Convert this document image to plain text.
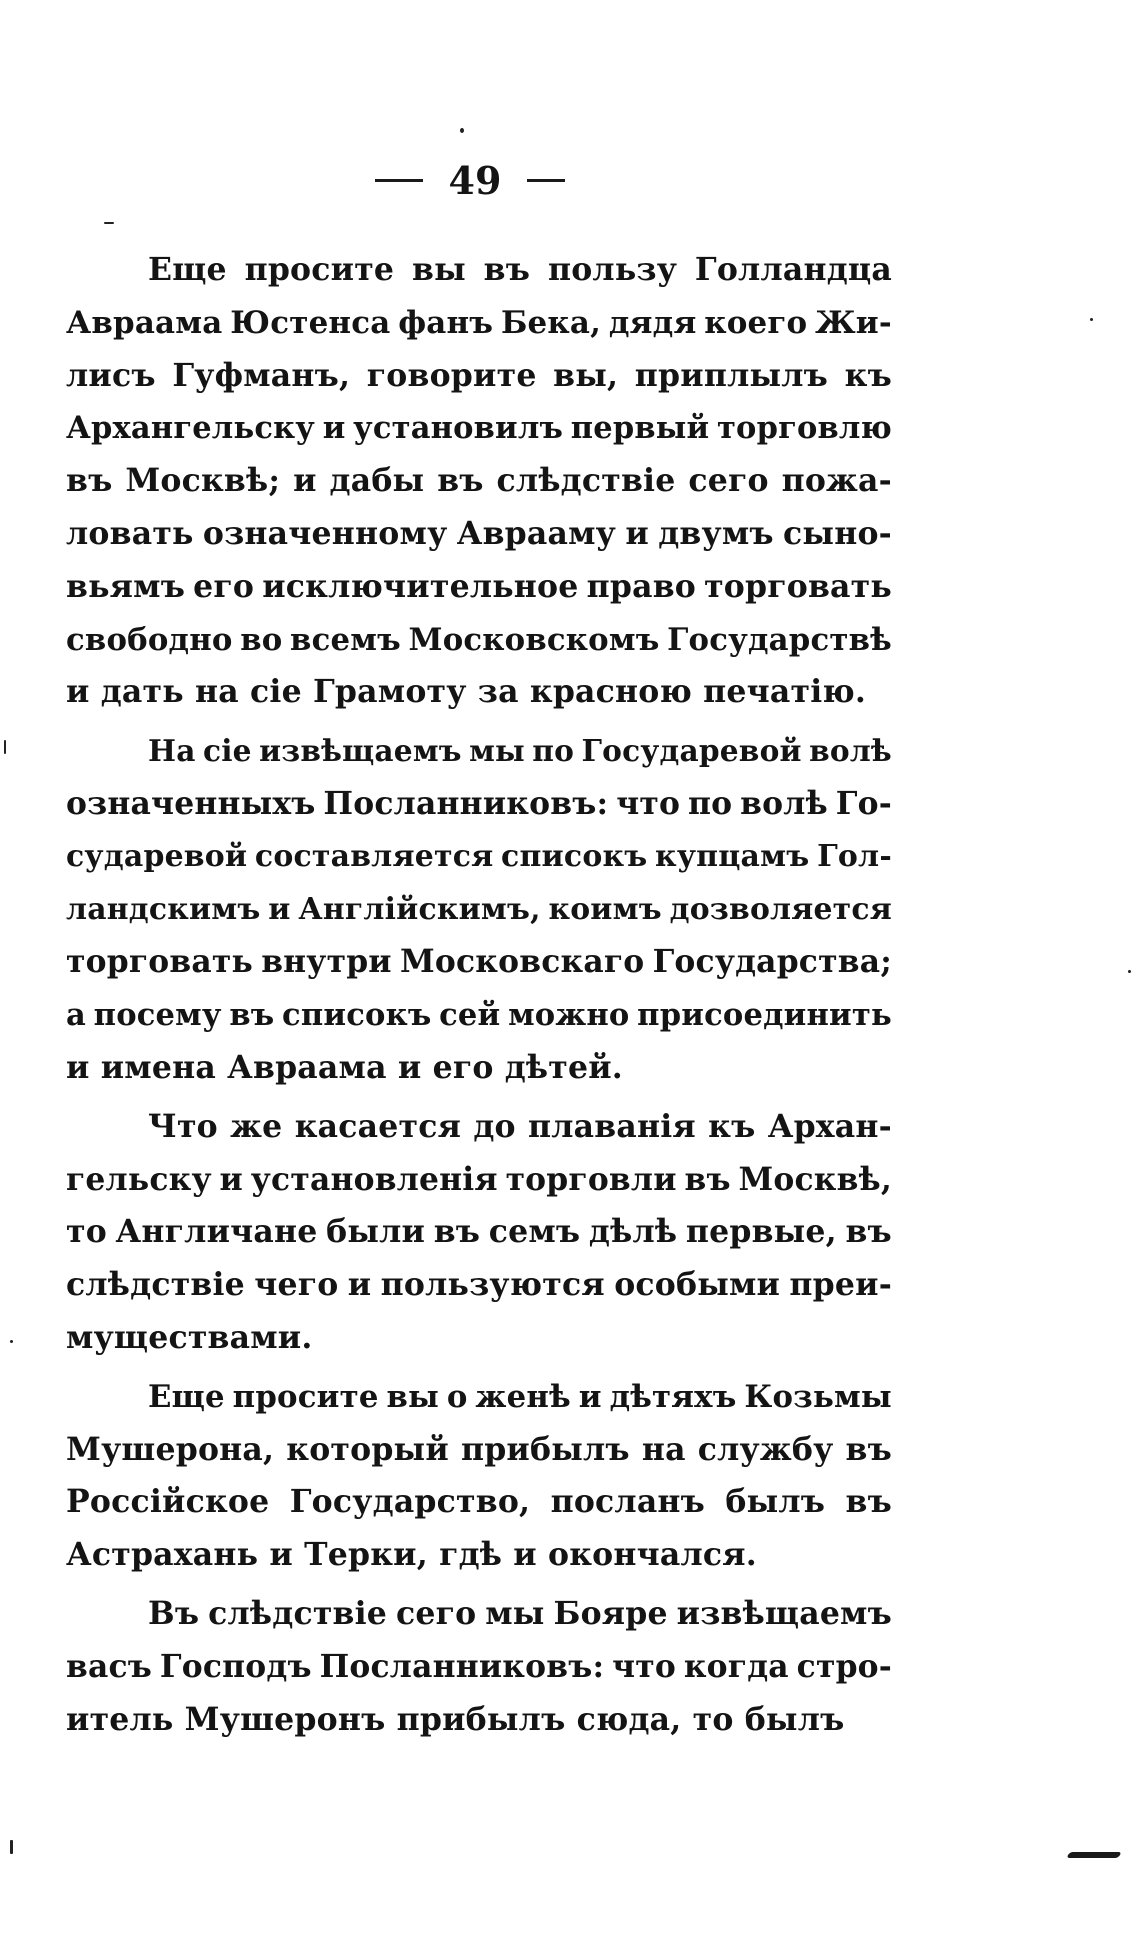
49
Еще просите вы въ пользу Голландца
Авраама Юстенса фанъ Бека, дядя коего Жи-
лисъ Гуфманъ, говорите вы, приплылъ къ
Архангельску и установилъ первый торговлю
въ Москвѣ; и дабы въ слѣдствіе сего пожа-
ловать означенному Аврааму и двумъ сыно-
вьямъ его исключительное право торговать
свободно во всемъ Московскомъ Государствѣ
и дать на сіе Грамоту за красною печатію.
На сіе извѣщаемъ мы по Государевой волѣ
означенныхъ Посланниковъ: что по волѣ Го-
сударевой составляется списокъ купцамъ Гол-
ландскимъ и Англійскимъ, коимъ дозволяется
торговать внутри Московскаго Государства;
а посему въ списокъ сей можно присоединить
и имена Авраама и его дѣтей.
Что же касается до плаванія къ Архан-
гельску и установленія торговли въ Москвѣ,
то Англичане были въ семъ дѣлѣ первые, въ
слѣдствіе чего и пользуются особыми преи-
муществами.
Еще просите вы о женѣ и дѣтяхъ Козьмы
Мушерона, который прибылъ на службу въ
Россійское Государство, посланъ былъ въ
Астрахань и Терки, гдѣ и окончался.
Въ слѣдствіе сего мы Бояре извѣщаемъ
васъ Господъ Посланниковъ: что когда стро-
итель Мушеронъ прибылъ сюда, то былъ
